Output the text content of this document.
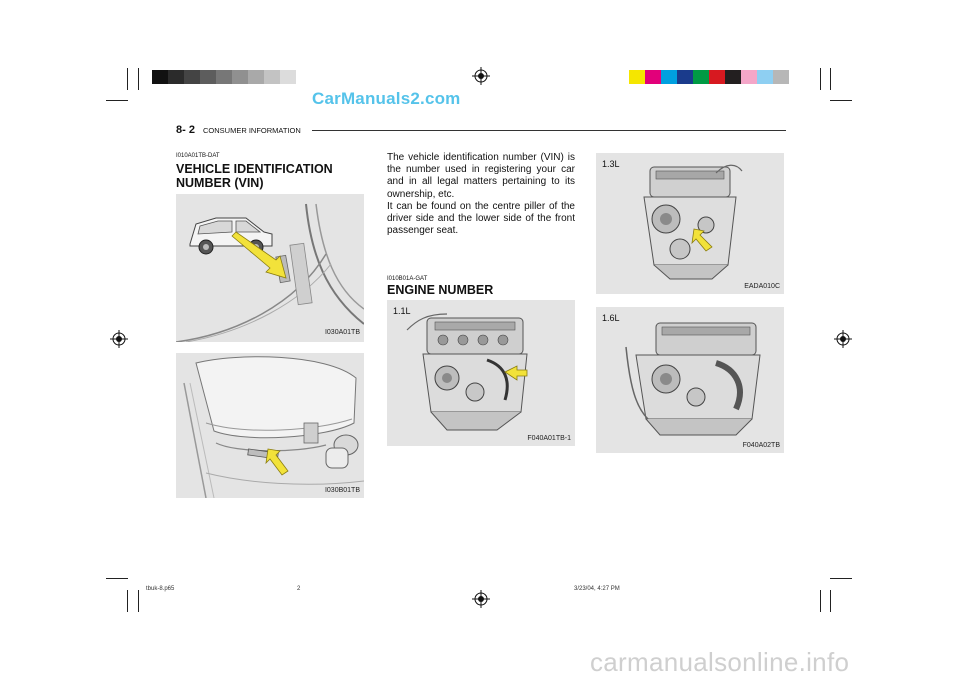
CarManuals2.com
8- 2 CONSUMER INFORMATION
I010A01TB-DAT
VEHICLE IDENTIFICATION
NUMBER (VIN)
I030A01TB
I030B01TB

The vehicle identification number (VIN) is the number used in registering your car and in all legal matters pertaining to its ownership, etc.

It can be found on the centre piller of the driver side and the lower side of the front passenger seat.

I010B01A-GAT
ENGINE NUMBER
1.1L
F040A01TB-1
1.3L
EADA010C
1.6L
F040A02TB
tbuk-8.p65	2	3/23/04, 4:27 PM
carmanualsonline.info
